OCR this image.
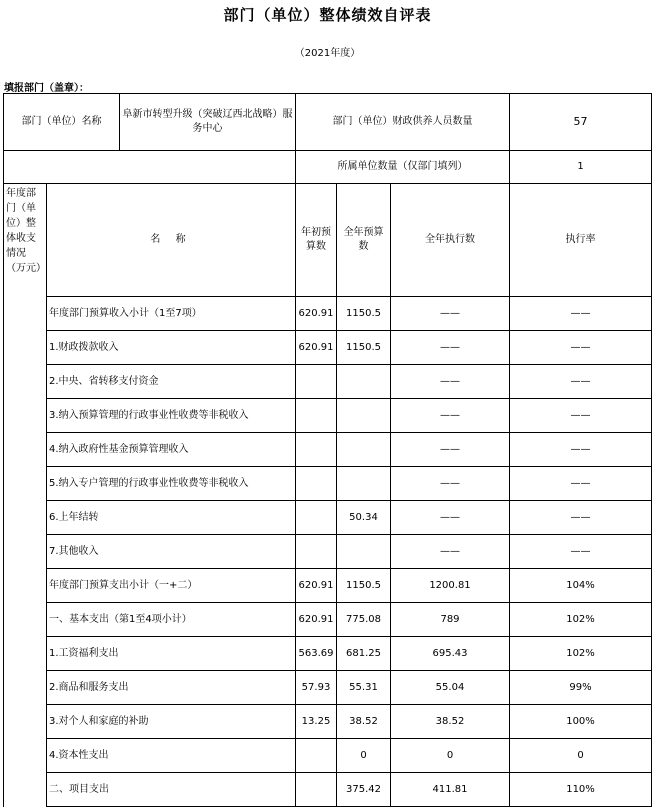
部门（单位）整体绩效自评表
（2021年度）
填报部门（盖章）：
部门（单位）名称		阜新市转型升级（突破辽西北战略）服务中心	部门（单位）财政供养人员数量			57
			所属单位数量（仅部门填列）			1

年度部门（单位）整体收支情况（万元）	名 称		年初预算数	全年预算数	全年执行数	执行率
	年度部门预算收入小计（1至7项）		620.91	1150.5	——	——
	1.财政拨款收入		620.91	1150.5	——	——
	2.中央、省转移支付资金				——	——
	3.纳入预算管理的行政事业性收费等非税收入				——	——
	4.纳入政府性基金预算管理收入				——	——
	5.纳入专户管理的行政事业性收费等非税收入				——	——
	6.上年结转			50.34	——	——
	7.其他收入				——	——
	年度部门预算支出小计（一+二）		620.91	1150.5	1200.81	104%
	一、基本支出（第1至4项小计）		620.91	775.08	789	102%
	1.工资福利支出		563.69	681.25	695.43	102%
	2.商品和服务支出		57.93	55.31	55.04	99%
	3.对个人和家庭的补助		13.25	38.52	38.52	100%
	4.资本性支出			0	0	0
	二、项目支出			375.42	411.81	110%
